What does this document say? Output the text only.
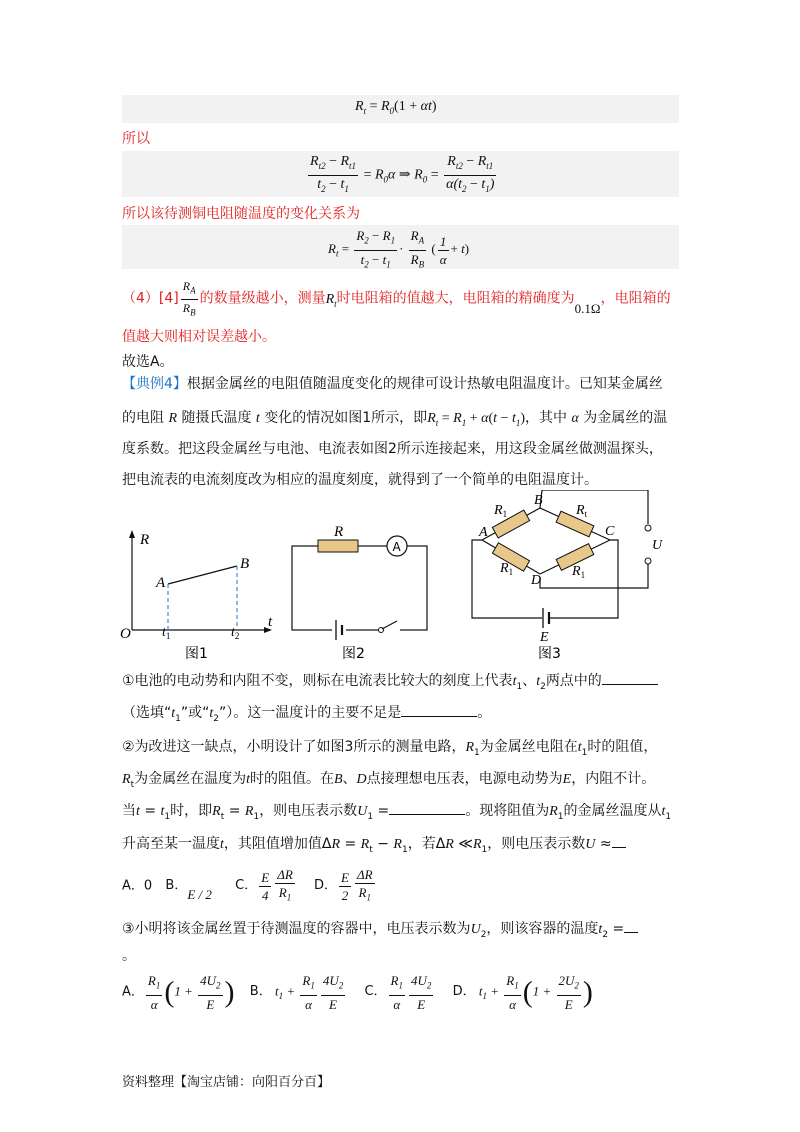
$R_t = R_0(1 + \alpha t)$
所以
$\frac{R_{t2} - R_{t1}}{t_2 - t_1} = R_0\alpha$ ⇒ $R_0 = \frac{R_{t2} - R_{t1}}{\alpha(t_2 - t_1)}$
所以该待测铜电阻随温度的变化关系为
$R_t = \frac{R_2 - R_1}{t_2 - t_1} \cdot \frac{R_A}{R_B}$ ( $\frac{1}{\alpha} + t$)
$(4)[4] \frac{R_A}{R_B}$ 的数量级越小，测量$R_t$时电阻箱的值越大，电阻箱的精确度为0.1Ω，电阻箱的
值越大则相对误差越小。
故选A。
【典例4】根据金属丝的电阻值随温度变化的规律可设计热敏电阻温度计。已知某金属丝
的电阻 R 随摄氏温度 t 变化的情况如图1所示，即$R_t = R_1 + \alpha(t - t_1)$，其中 α 为金属丝的温
度系数。把这段金属丝与电池、电流表如图2所示连接起来，用这段金属丝做测温探头，
把电流表的电流刻度改为相应的温度刻度，就得到了一个简单的电阻温度计。
R
A
B
O $t_1$	$t_2$
t
图1
A
R
图2
$R_1$	$R_t$
$R_1$	$R_1$
A
B
C
D
U
E
图3
①电池的电动势和内阻不变，则标在电流表比较大的刻度上代表$t_1$、$t_2$两点中的
（选填“$t_1$”或“$t_2$”）。这一温度计的主要不足是	。
②为改进这一缺点，小明设计了如图3所示的测量电路，$R_1$为金属丝电阻在$t_1$时的阻值，
$R_t$为金属丝在温度为t时的阻值。在B、D点接理想电压表，电源电动势为E，内阻不计。
当$t = t_1$时，即$R_t = R_1$，则电压表示数$U_1$ =	。现将阻值为$R_1$的金属丝温度从$t_1$
升高至某一温度t，其阻值增加值$\Delta R = R_t - R_1$，若ΔR $≪R_1$，则电压表示数U ≈
A．0 B．E / 2 C． $\frac{E}{4} \frac{\Delta R}{R_1}$ D． $\frac{E}{2} \frac{\Delta R}{R_1}$
③小明将该金属丝置于待测温度的容器中，电压表示数为$U_2$，则该容器的温度$t_2$ =
。
A． $\frac{R_1}{\alpha} (1 + \frac{4U_2}{E}$ ) B． $t_1 + \frac{R_1}{\alpha} \frac{4U_2}{E}$ C． $\frac{R_1}{\alpha} \frac{4U_2}{E}$ D． $t_1 + \frac{R_1}{\alpha} (1 + \frac{2U_2}{E}$ )
资料整理【淘宝店铺：向阳百分百】
